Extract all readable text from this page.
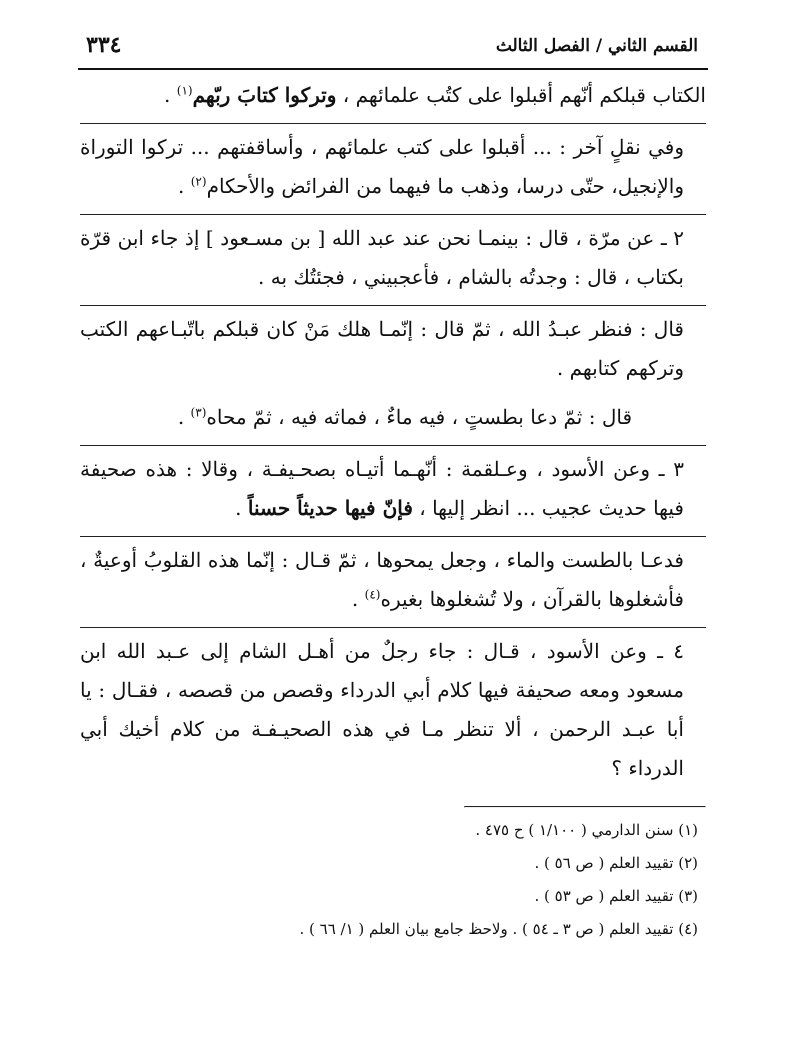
القسم الثاني / الفصل الثالث
٣٣٤

الكتاب قبلكم أنّهم أقبلوا على كتُب علمائهم ، وتركوا كتابَ ربّهم$^{(١)}$ .

وفي نقلٍ آخر : ... أقبلوا على كتب علمائهم ، وأساقفتهم ... تركوا التوراة والإنجيل، حتّى درسا، وذهب ما فيهما من الفرائض والأحكام$^{(٢)}$ .

٢ ـ عن مرّة ، قال : بينمـا نحن عند عبد الله [ بن مسـعود ] إذ جاء ابن قرّة بكتاب ، قال : وجدتُه بالشام ، فأعجبيني ، فجئتُك به .

قال : فنظر عبـدُ الله ، ثمّ قال : إنّمـا هلك مَنْ كان قبلكم باتّبـاعهم الكتب وتركهم كتابهم .

قال : ثمّ دعا بطستٍ ، فيه ماءٌ ، فماثه فيه ، ثمّ محاه$^{(٣)}$ .

٣ ـ وعن الأسود ، وعـلقمة : أنّهـما أتيـاه بصحـيفـة ، وقالا : هذه صحيفة فيها حديث عجيب ... انظر إليها ، فإنّ فيها حديثاً حسناً .

فدعـا بالطست والماء ، وجعل يمحوها ، ثمّ قـال : إنّما هذه القلوبُ أوعيةٌ ، فأشغلوها بالقرآن ، ولا تُشغلوها بغيره$^{(٤)}$ .

٤ ـ وعن الأسود ، قـال : جاء رجلٌ من أهـل الشام إلى عـبد الله ابن مسعود ومعه صحيفة فيها كلام أبي الدرداء وقصص من قصصه ، فقـال : يا أبا عبـد الرحمن ، ألا تنظر مـا في هذه الصحيـفـة من كلام أخيك أبي الدرداء ؟

(١) سنن الدارمي ( ١/١٠٠ ) ح ٤٧٥ .
(٢) تقييد العلم ( ص ٥٦ ) .
(٣) تقييد العلم ( ص ٥٣ ) .
(٤) تقييد العلم ( ص ٣ ـ ٥٤ ) . ولاحظ جامع بيان العلم ( ١/ ٦٦ ) .
